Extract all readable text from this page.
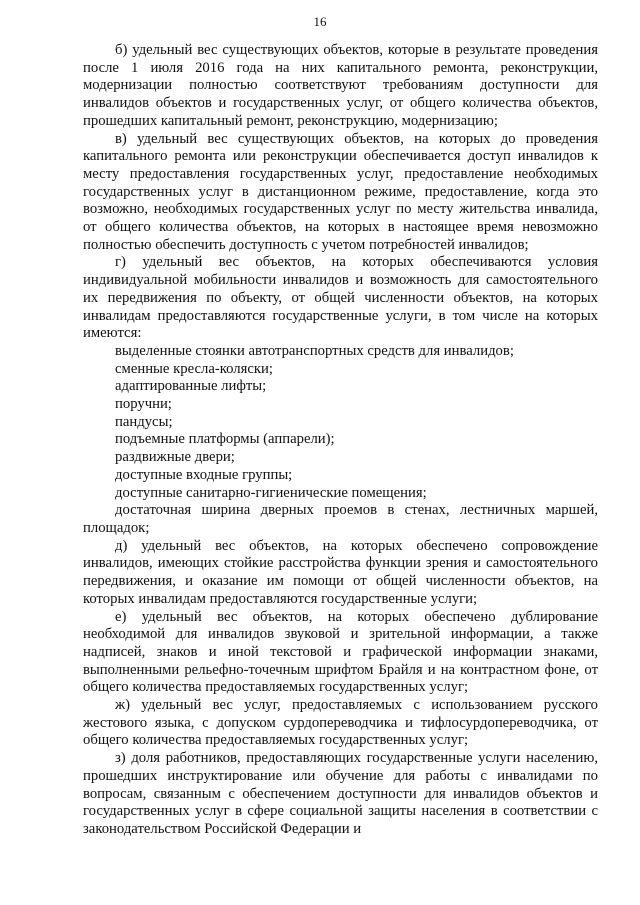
16

б) удельный вес существующих объектов, которые в результате проведения после 1 июля 2016 года на них капитального ремонта, реконструкции, модернизации полностью соответствуют требованиям доступности для инвалидов объектов и государственных услуг, от общего количества объектов, прошедших капитальный ремонт, реконструкцию, модернизацию;

в) удельный вес существующих объектов, на которых до проведения капитального ремонта или реконструкции обеспечивается доступ инвалидов к месту предоставления государственных услуг, предоставление необходимых государственных услуг в дистанционном режиме, предоставление, когда это возможно, необходимых государственных услуг по месту жительства инвалида, от общего количества объектов, на которых в настоящее время невозможно полностью обеспечить доступность с учетом потребностей инвалидов;

г) удельный вес объектов, на которых обеспечиваются условия индивидуальной мобильности инвалидов и возможность для самостоятельного их передвижения по объекту, от общей численности объектов, на которых инвалидам предоставляются государственные услуги, в том числе на которых имеются:

выделенные стоянки автотранспортных средств для инвалидов;

сменные кресла-коляски;

адаптированные лифты;

поручни;

пандусы;

подъемные платформы (аппарели);

раздвижные двери;

доступные входные группы;

доступные санитарно-гигиенические помещения;

достаточная ширина дверных проемов в стенах, лестничных маршей, площадок;

д) удельный вес объектов, на которых обеспечено сопровождение инвалидов, имеющих стойкие расстройства функции зрения и самостоятельного передвижения, и оказание им помощи от общей численности объектов, на которых инвалидам предоставляются государственные услуги;

е) удельный вес объектов, на которых обеспечено дублирование необходимой для инвалидов звуковой и зрительной информации, а также надписей, знаков и иной текстовой и графической информации знаками, выполненными рельефно-точечным шрифтом Брайля и на контрастном фоне, от общего количества предоставляемых государственных услуг;

ж) удельный вес услуг, предоставляемых с использованием русского жестового языка, с допуском сурдопереводчика и тифлосурдопереводчика, от общего количества предоставляемых государственных услуг;

з) доля работников, предоставляющих государственные услуги населению, прошедших инструктирование или обучение для работы с инвалидами по вопросам, связанным с обеспечением доступности для инвалидов объектов и государственных услуг в сфере социальной защиты населения в соответствии с законодательством Российской Федерации и
